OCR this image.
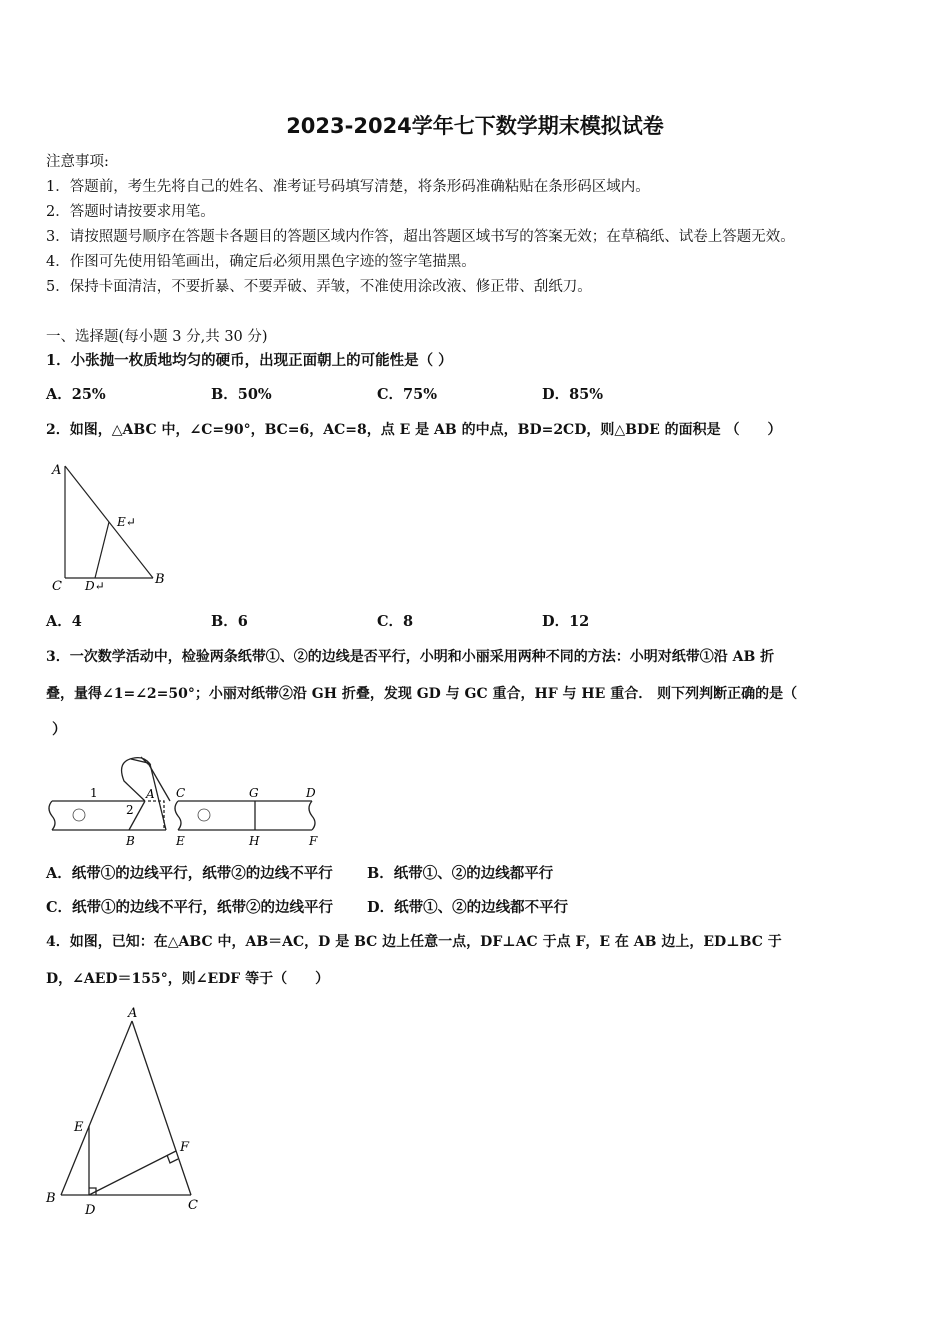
2023-2024学年七下数学期末模拟试卷
注意事项:
1．答题前，考生先将自己的姓名、准考证号码填写清楚，将条形码准确粘贴在条形码区域内。
2．答题时请按要求用笔。
3．请按照题号顺序在答题卡各题目的答题区域内作答，超出答题区域书写的答案无效；在草稿纸、试卷上答题无效。
4．作图可先使用铅笔画出，确定后必须用黑色字迹的签字笔描黑。
5．保持卡面清洁，不要折暴、不要弄破、弄皱，不准使用涂改液、修正带、刮纸刀。
一、选择题(每小题 3 分,共 30 分)
1．小张抛一枚质地均匀的硬币，出现正面朝上的可能性是（ ）
A．25%	B．50%	C．75%	D．85%
2．如图，△ABC 中，∠C=90°，BC=6，AC=8，点 E 是 AB 的中点，BD=2CD，则△BDE 的面积是 （　　）
A
E↵
C D↵	B
A．4	B．6	C．8	D．12
3．一次数学活动中，检验两条纸带①、②的边线是否平行，小明和小丽采用两种不同的方法：小明对纸带①沿 AB 折
叠，量得∠1=∠2=50°；小丽对纸带②沿 GH 折叠，发现 GD 与 GC 重合，HF 与 HE 重合． 则下列判断正确的是（
）
1
2
A
B
C	G	D
E	H	F
A．纸带①的边线平行，纸带②的边线不平行 B．纸带①、②的边线都平行
C．纸带①的边线不平行，纸带②的边线平行 D．纸带①、②的边线都不平行
4．如图，已知：在△ABC 中，AB＝AC，D 是 BC 边上任意一点，DF⊥AC 于点 F，E 在 AB 边上，ED⊥BC 于
D，∠AED＝155°，则∠EDF 等于（　　）
A
E
F
B
D	C
